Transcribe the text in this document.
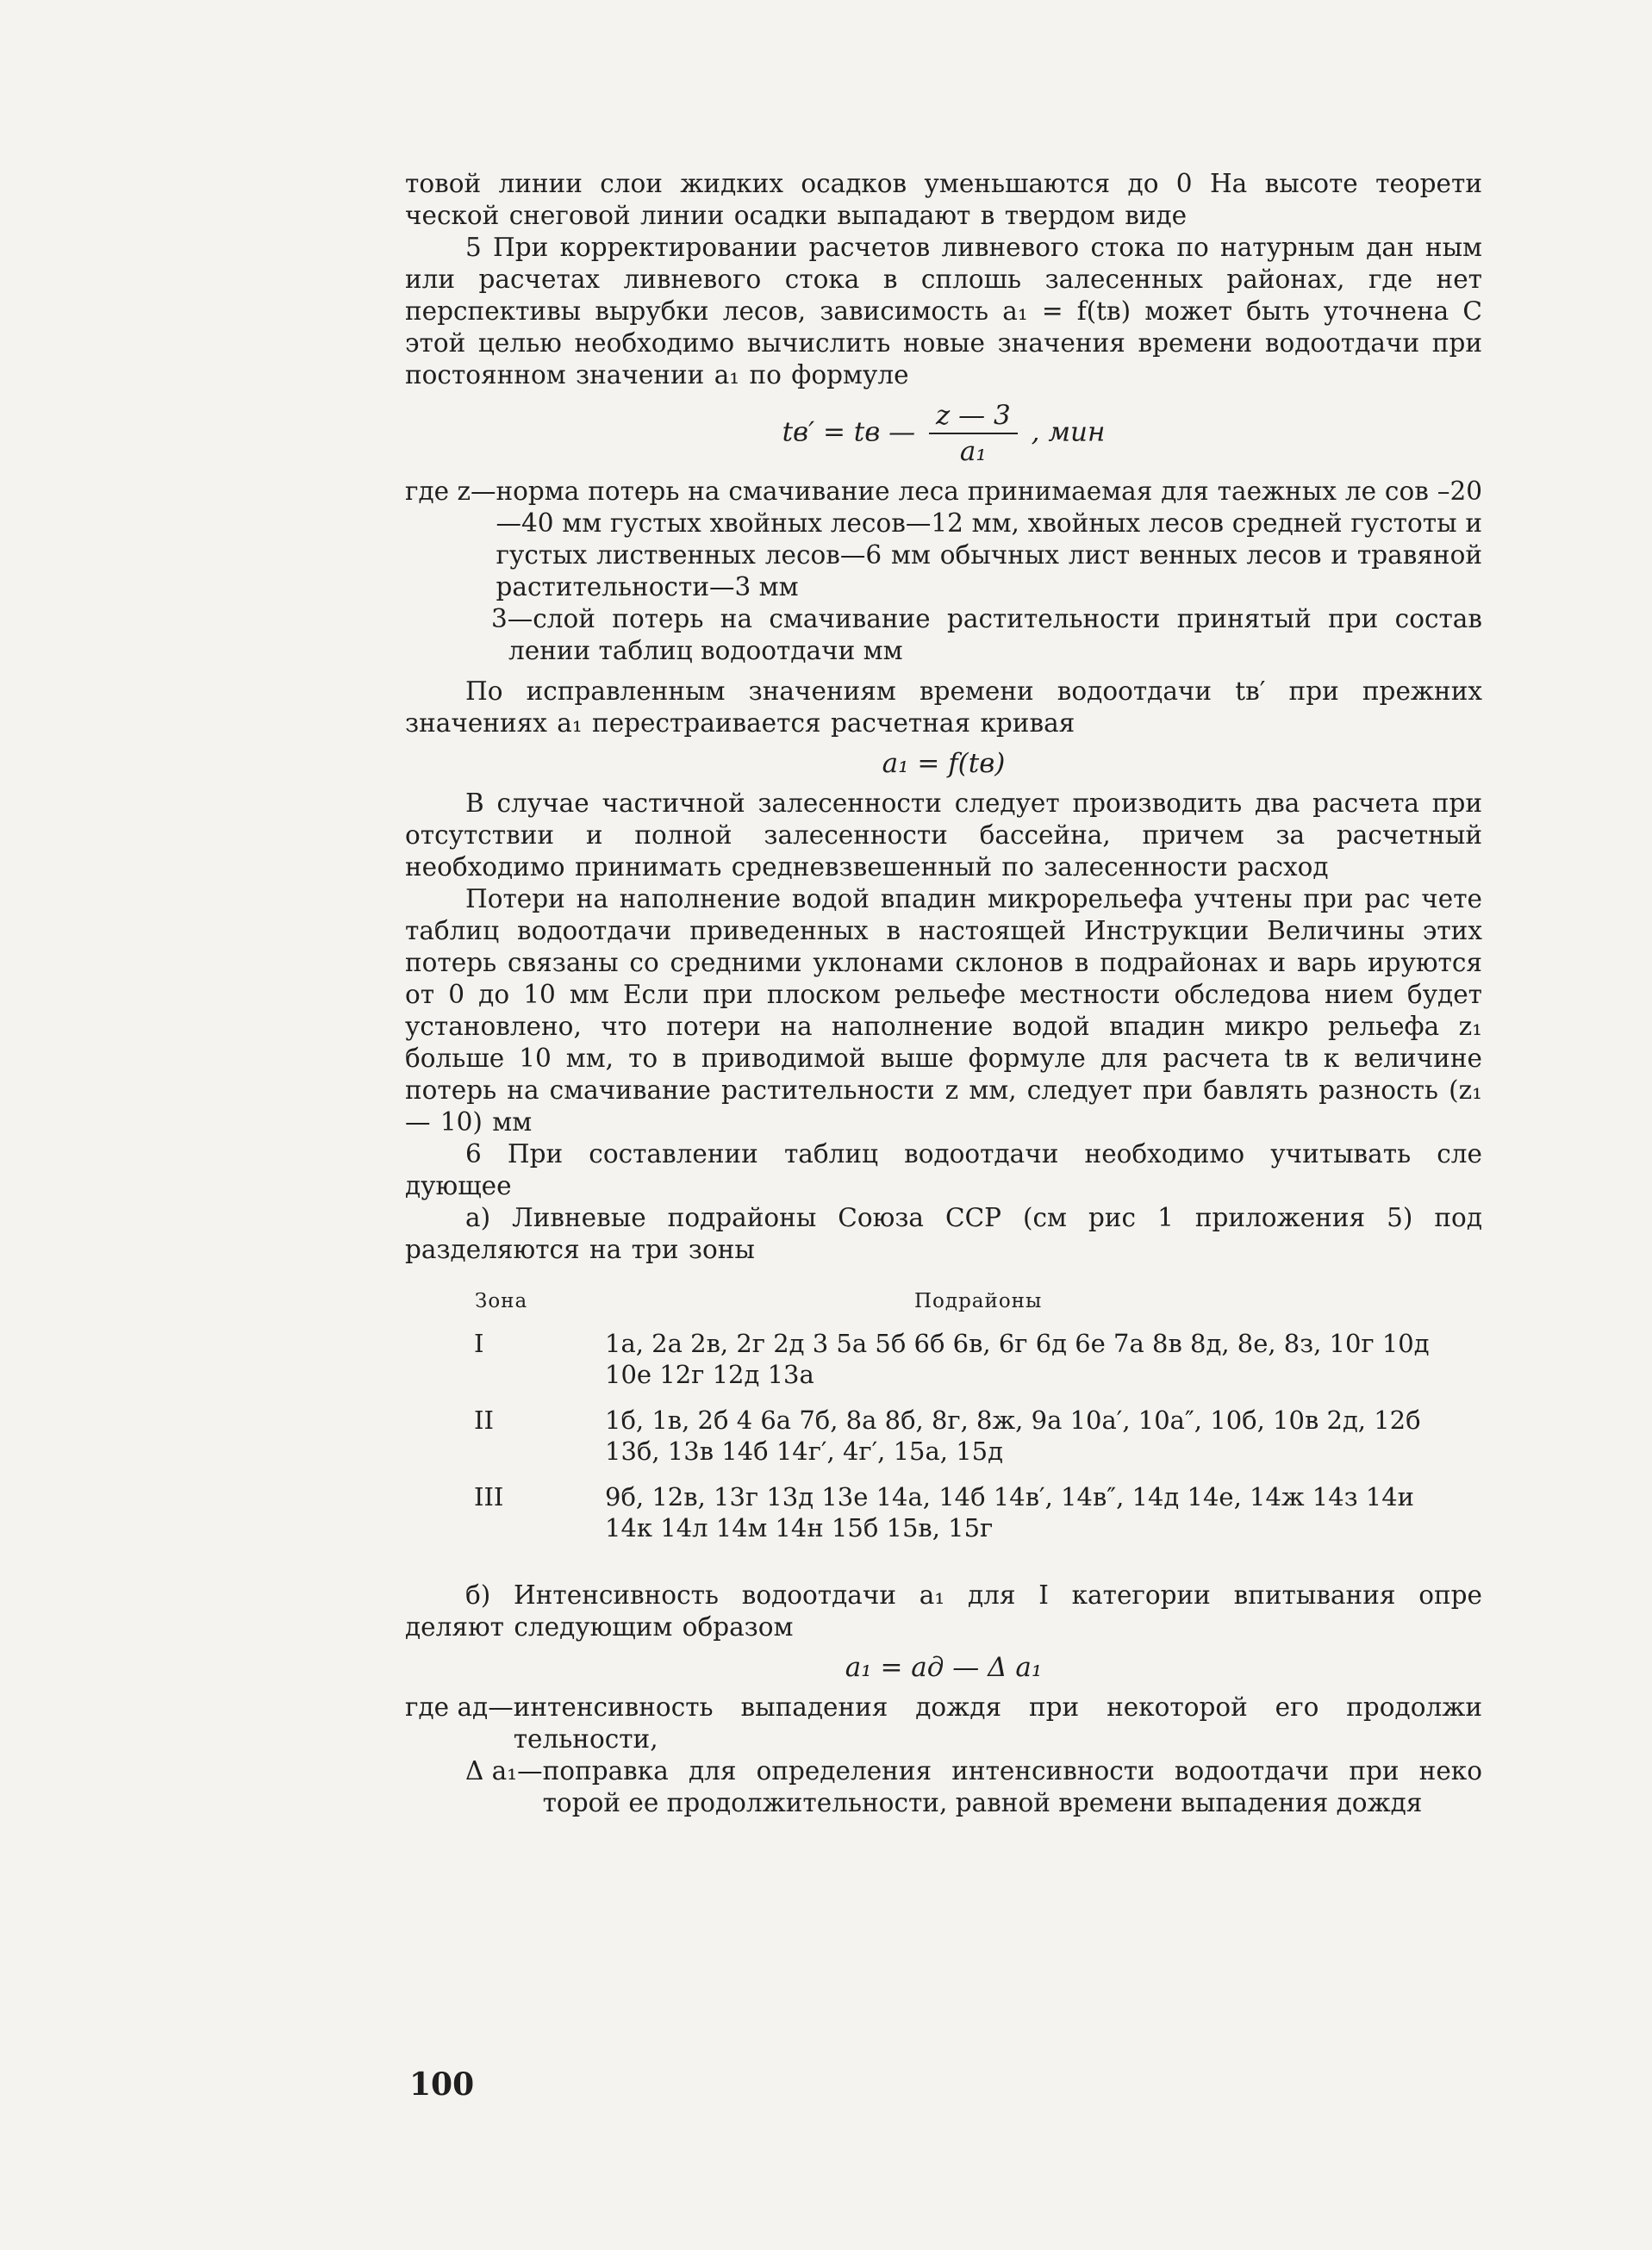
товой линии слои жидких осадков уменьшаются до 0 На высоте теорети ческой снеговой линии осадки выпадают в твердом виде

5 При корректировании расчетов ливневого стока по натурным дан ным или расчетах ливневого стока в сплошь залесенных районах, где нет перспективы вырубки лесов, зависимость a₁ = f(tв) может быть уточнена С этой целью необходимо вычислить новые значения времени водоотдачи при постоянном значении a₁ по формуле

tв′ = tв — $\frac{z — 3}{\text{a₁}}$ , мин
где z— норма потерь на смачивание леса принимаемая для таежных ле сов –20—40 мм густых хвойных лесов—12 мм, хвойных лесов средней густоты и густых лиственных лесов—6 мм обычных лист венных лесов и травяной растительности—3 мм

3—слой потерь на смачивание растительности принятый при состав лении таблиц водоотдачи мм

По исправленным значениям времени водоотдачи tв′ при прежних значениях a₁ перестраивается расчетная кривая

a₁ = f(tв)

В случае частичной залесенности следует производить два расчета при отсутствии и полной залесенности бассейна, причем за расчетный необходимо принимать средневзвешенный по залесенности расход

Потери на наполнение водой впадин микрорельефа учтены при рас чете таблиц водоотдачи приведенных в настоящей Инструкции Величины этих потерь связаны со средними уклонами склонов в подрайонах и варь ируются от 0 до 10 мм Если при плоском рельефе местности обследова нием будет установлено, что потери на наполнение водой впадин микро рельефа z₁ больше 10 мм, то в приводимой выше формуле для расчета tв к величине потерь на смачивание растительности z мм, следует при бавлять разность (z₁ — 10) мм

6 При составлении таблиц водоотдачи необходимо учитывать сле дующее

а) Ливневые подрайоны Союза ССР (см рис 1 приложения 5) под разделяются на три зоны

Зона	Подрайоны
I	1а, 2а 2в, 2г 2д 3 5а 5б 6б 6в, 6г 6д 6е 7а 8в 8д, 8е, 8з, 10г 10д 10е 12г 12д 13а
II	1б, 1в, 2б 4 6а 7б, 8а 8б, 8г, 8ж, 9а 10а′, 10а″, 10б, 10в 2д, 12б 13б, 13в 14б 14г′, 4г′, 15а, 15д
III	9б, 12в, 13г 13д 13е 14а, 14б 14в′, 14в″, 14д 14е, 14ж 14з 14и 14к 14л 14м 14н 15б 15в, 15г

б) Интенсивность водоотдачи a₁ для I категории впитывания опре деляют следующим образом

a₁ = aд — Δ a₁
где aд— интенсивность выпадения дождя при некоторой его продолжи тельности,
Δ a₁— поправка для определения интенсивности водоотдачи при неко торой ее продолжительности, равной времени выпадения дождя
100
